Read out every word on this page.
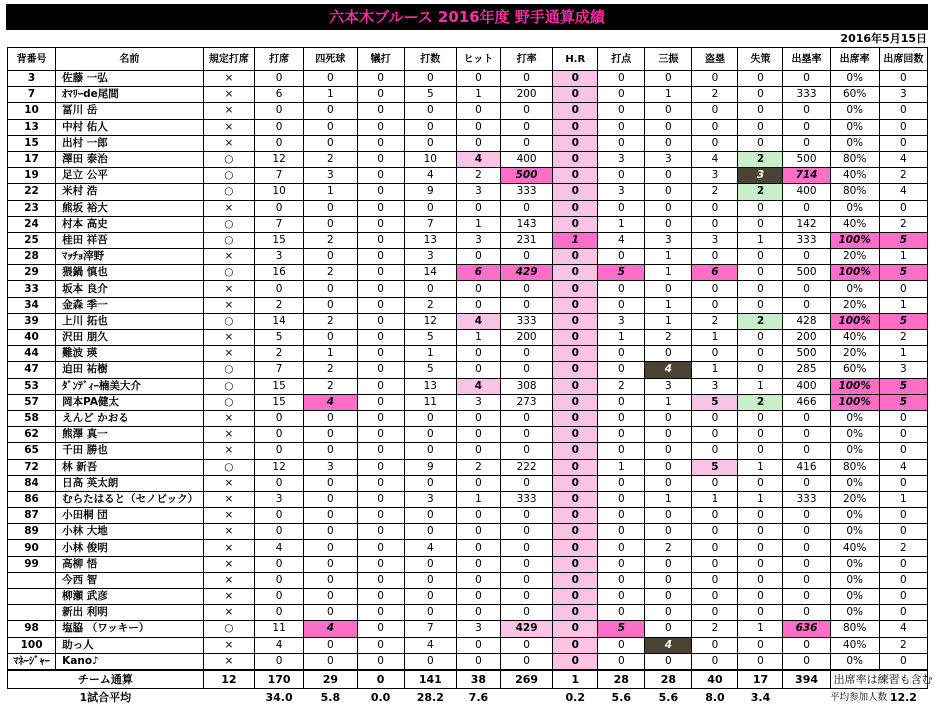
六本木ブルース 2016年度 野手通算成績
2016年5月15日
背番号	名前	規定打席	打席	四死球	犠打	打数	ヒット	打率	H.R	打点	三振	盗塁	失策	出塁率	出席率	出席回数
3	佐藤 一弘	×	0	0	0	0	0	0	0	0	0	0	0	0	0%	0
7	ｵﾏﾘｰde尾間	×	6	1	0	5	1	200	0	0	1	2	0	333	60%	3
10	冨川 岳	×	0	0	0	0	0	0	0	0	0	0	0	0	0%	0
13	中村 佑人	×	0	0	0	0	0	0	0	0	0	0	0	0	0%	0
15	出村 一郎	×	0	0	0	0	0	0	0	0	0	0	0	0	0%	0
17	澤田 泰治	○	12	2	0	10	4	400	0	3	3	4	2	500	80%	4
19	足立 公平	○	7	3	0	4	2	500	0	0	0	3	3	714	40%	2
22	米村 浩	○	10	1	0	9	3	333	0	3	0	2	2	400	80%	4
23	熊坂 裕大	×	0	0	0	0	0	0	0	0	0	0	0	0	0%	0
24	村本 高史	○	7	0	0	7	1	143	0	1	0	0	0	142	40%	2
25	桂田 祥吾	○	15	2	0	13	3	231	1	4	3	3	1	333	100%	5
28	ﾏｯﾁｮ滓野	×	3	0	0	3	0	0	0	0	1	0	0	0	20%	1
29	猥鍋 慎也	○	16	2	0	14	6	429	0	5	1	6	0	500	100%	5
33	坂本 良介	×	0	0	0	0	0	0	0	0	0	0	0	0	0%	0
34	金森 季一	×	2	0	0	2	0	0	0	0	1	0	0	0	20%	1
39	上川 拓也	○	14	2	0	12	4	333	0	3	1	2	2	428	100%	5
40	沢田 朋久	×	5	0	0	5	1	200	0	1	2	1	0	200	40%	2
44	難波 瑛	×	2	1	0	1	0	0	0	0	0	0	0	500	20%	1
47	迫田 祐樹	○	7	2	0	5	0	0	0	0	4	1	0	285	60%	3
53	ﾀﾞﾝﾃﾞｨｰ楠美大介	○	15	2	0	13	4	308	0	2	3	3	1	400	100%	5
57	岡本PA健太	○	15	4	0	11	3	273	0	0	1	5	2	466	100%	5
58	えんど かおる	×	0	0	0	0	0	0	0	0	0	0	0	0	0%	0
62	熊澤 真一	×	0	0	0	0	0	0	0	0	0	0	0	0	0%	0
65	千田 勝也	×	0	0	0	0	0	0	0	0	0	0	0	0	0%	0
72	林 新吾	○	12	3	0	9	2	222	0	1	0	5	1	416	80%	4
84	日高 英太朗	×	0	0	0	0	0	0	0	0	0	0	0	0	0%	0
86	むらたはると（セノビック）	×	3	0	0	3	1	333	0	0	1	1	1	333	20%	1
87	小田桐 団	×	0	0	0	0	0	0	0	0	0	0	0	0	0%	0
89	小林 大地	×	0	0	0	0	0	0	0	0	0	0	0	0	0%	0
90	小林 俊明	×	4	0	0	4	0	0	0	0	2	0	0	0	40%	2
99	高柳 悟	×	0	0	0	0	0	0	0	0	0	0	0	0	0%	0
	今西 智	×	0	0	0	0	0	0	0	0	0	0	0	0	0%	0
	柳瀬 武彦	×	0	0	0	0	0	0	0	0	0	0	0	0	0%	0
	新出 利明	×	0	0	0	0	0	0	0	0	0	0	0	0	0%	0
98	塩脇 （ワッキー）	○	11	4	0	7	3	429	0	5	0	2	1	636	80%	4
100	助っ人	×	4	0	0	4	0	0	0	0	4	0	0	0	40%	2
ﾏﾈｰｼﾞｬｰ	Kano♪	×	0	0	0	0	0	0	0	0	0	0	0	0	0%	0
チーム通算		12	170	29	0	141	38	269	1	28	28	40	17	394	出席率は練習も含む	
1試合平均			34.0	5.8	0.0	28.2	7.6		0.2	5.6	5.6	8.0	3.4		平均参加人数	12.2
